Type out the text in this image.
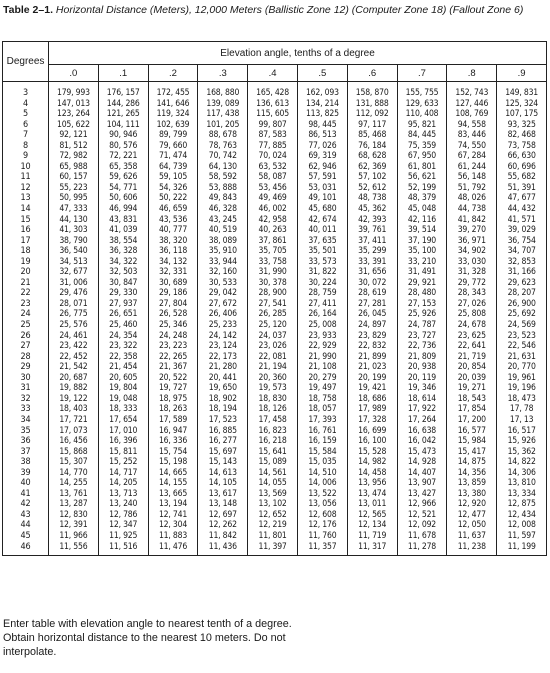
Table 2–1. Horizontal Distance (Meters), 12,000 Meters (Ballistic Zone 12) (Computer Zone 18) (Fallout Zone 6)
Degrees	Elevation angle, tenths of a degree									
	.0	.1	.2	.3	.4	.5	.6	.7	.8	.9
3	179, 993	176, 157	172, 455	168, 880	165, 428	162, 093	158, 870	155, 755	152, 743	149, 831
4	147, 013	144, 286	141, 646	139, 089	136, 613	134, 214	131, 888	129, 633	127, 446	125, 324
5	123, 264	121, 265	119, 324	117, 438	115, 605	113, 825	112, 092	110, 408	108, 769	107, 175
6	105, 622	104, 111	102, 639	101, 205	99, 807	98, 445	97, 117	95, 821	94, 558	93, 325
7	92, 121	90, 946	89, 799	88, 678	87, 583	86, 513	85, 468	84, 445	83, 446	82, 468
8	81, 512	80, 576	79, 660	78, 763	77, 885	77, 026	76, 184	75, 359	74, 550	73, 758
9	72, 982	72, 221	71, 474	70, 742	70, 024	69, 319	68, 628	67, 950	67, 284	66, 630
10	65, 988	65, 358	64, 739	64, 130	63, 532	62, 946	62, 369	61, 801	61, 244	60, 696
11	60, 157	59, 626	59, 105	58, 592	58, 087	57, 591	57, 102	56, 621	56, 148	55, 682
12	55, 223	54, 771	54, 326	53, 888	53, 456	53, 031	52, 612	52, 199	51, 792	51, 391
13	50, 995	50, 606	50, 222	49, 843	49, 469	49, 101	48, 738	48, 379	48, 026	47, 677
14	47, 333	46, 994	46, 659	46, 328	46, 002	45, 680	45, 362	45, 048	44, 738	44, 432
15	44, 130	43, 831	43, 536	43, 245	42, 958	42, 674	42, 393	42, 116	41, 842	41, 571
16	41, 303	41, 039	40, 777	40, 519	40, 263	40, 011	39, 761	39, 514	39, 270	39, 029
17	38, 790	38, 554	38, 320	38, 089	37, 861	37, 635	37, 411	37, 190	36, 971	36, 754
18	36, 540	36, 328	36, 118	35, 910	35, 705	35, 501	35, 299	35, 100	34, 902	34, 707
19	34, 513	34, 322	34, 132	33, 944	33, 758	33, 573	33, 391	33, 210	33, 030	32, 853
20	32, 677	32, 503	32, 331	32, 160	31, 990	31, 822	31, 656	31, 491	31, 328	31, 166
21	31, 006	30, 847	30, 689	30, 533	30, 378	30, 224	30, 072	29, 921	29, 772	29, 623
22	29, 476	29, 330	29, 186	29, 042	28, 900	28, 759	28, 619	28, 480	28, 343	28, 207
23	28, 071	27, 937	27, 804	27, 672	27, 541	27, 411	27, 281	27, 153	27, 026	26, 900
24	26, 775	26, 651	26, 528	26, 406	26, 285	26, 164	26, 045	25, 926	25, 808	25, 692
25	25, 576	25, 460	25, 346	25, 233	25, 120	25, 008	24, 897	24, 787	24, 678	24, 569
26	24, 461	24, 354	24, 248	24, 142	24, 037	23, 933	23, 829	23, 727	23, 625	23, 523
27	23, 422	23, 322	23, 223	23, 124	23, 026	22, 929	22, 832	22, 736	22, 641	22, 546
28	22, 452	22, 358	22, 265	22, 173	22, 081	21, 990	21, 899	21, 809	21, 719	21, 631
29	21, 542	21, 454	21, 367	21, 280	21, 194	21, 108	21, 023	20, 938	20, 854	20, 770
30	20, 687	20, 605	20, 522	20, 441	20, 360	20, 279	20, 199	20, 119	20, 039	19, 961
31	19, 882	19, 804	19, 727	19, 650	19, 573	19, 497	19, 421	19, 346	19, 271	19, 196
32	19, 122	19, 048	18, 975	18, 902	18, 830	18, 758	18, 686	18, 614	18, 543	18, 473
33	18, 403	18, 333	18, 263	18, 194	18, 126	18, 057	17, 989	17, 922	17, 854	17, 78
34	17, 721	17, 654	17, 589	17, 523	17, 458	17, 393	17, 328	17, 264	17, 200	17, 13
35	17, 073	17, 010	16, 947	16, 885	16, 823	16, 761	16, 699	16, 638	16, 577	16, 517
36	16, 456	16, 396	16, 336	16, 277	16, 218	16, 159	16, 100	16, 042	15, 984	15, 926
37	15, 868	15, 811	15, 754	15, 697	15, 641	15, 584	15, 528	15, 473	15, 417	15, 362
38	15, 307	15, 252	15, 198	15, 143	15, 089	15, 035	14, 982	14, 928	14, 875	14, 822
39	14, 770	14, 717	14, 665	14, 613	14, 561	14, 510	14, 458	14, 407	14, 356	14, 306
40	14, 255	14, 205	14, 155	14, 105	14, 055	14, 006	13, 956	13, 907	13, 859	13, 810
41	13, 761	13, 713	13, 665	13, 617	13, 569	13, 522	13, 474	13, 427	13, 380	13, 334
42	13, 287	13, 240	13, 194	13, 148	13, 102	13, 056	13, 011	12, 966	12, 920	12, 875
43	12, 830	12, 786	12, 741	12, 697	12, 652	12, 608	12, 565	12, 521	12, 477	12, 434
44	12, 391	12, 347	12, 304	12, 262	12, 219	12, 176	12, 134	12, 092	12, 050	12, 008
45	11, 966	11, 925	11, 883	11, 842	11, 801	11, 760	11, 719	11, 678	11, 637	11, 597
46	11, 556	11, 516	11, 476	11, 436	11, 397	11, 357	11, 317	11, 278	11, 238	11, 199
Enter table with elevation angle to nearest tenth of a degree. Obtain horizontal distance to the nearest 10 meters. Do not interpolate.
